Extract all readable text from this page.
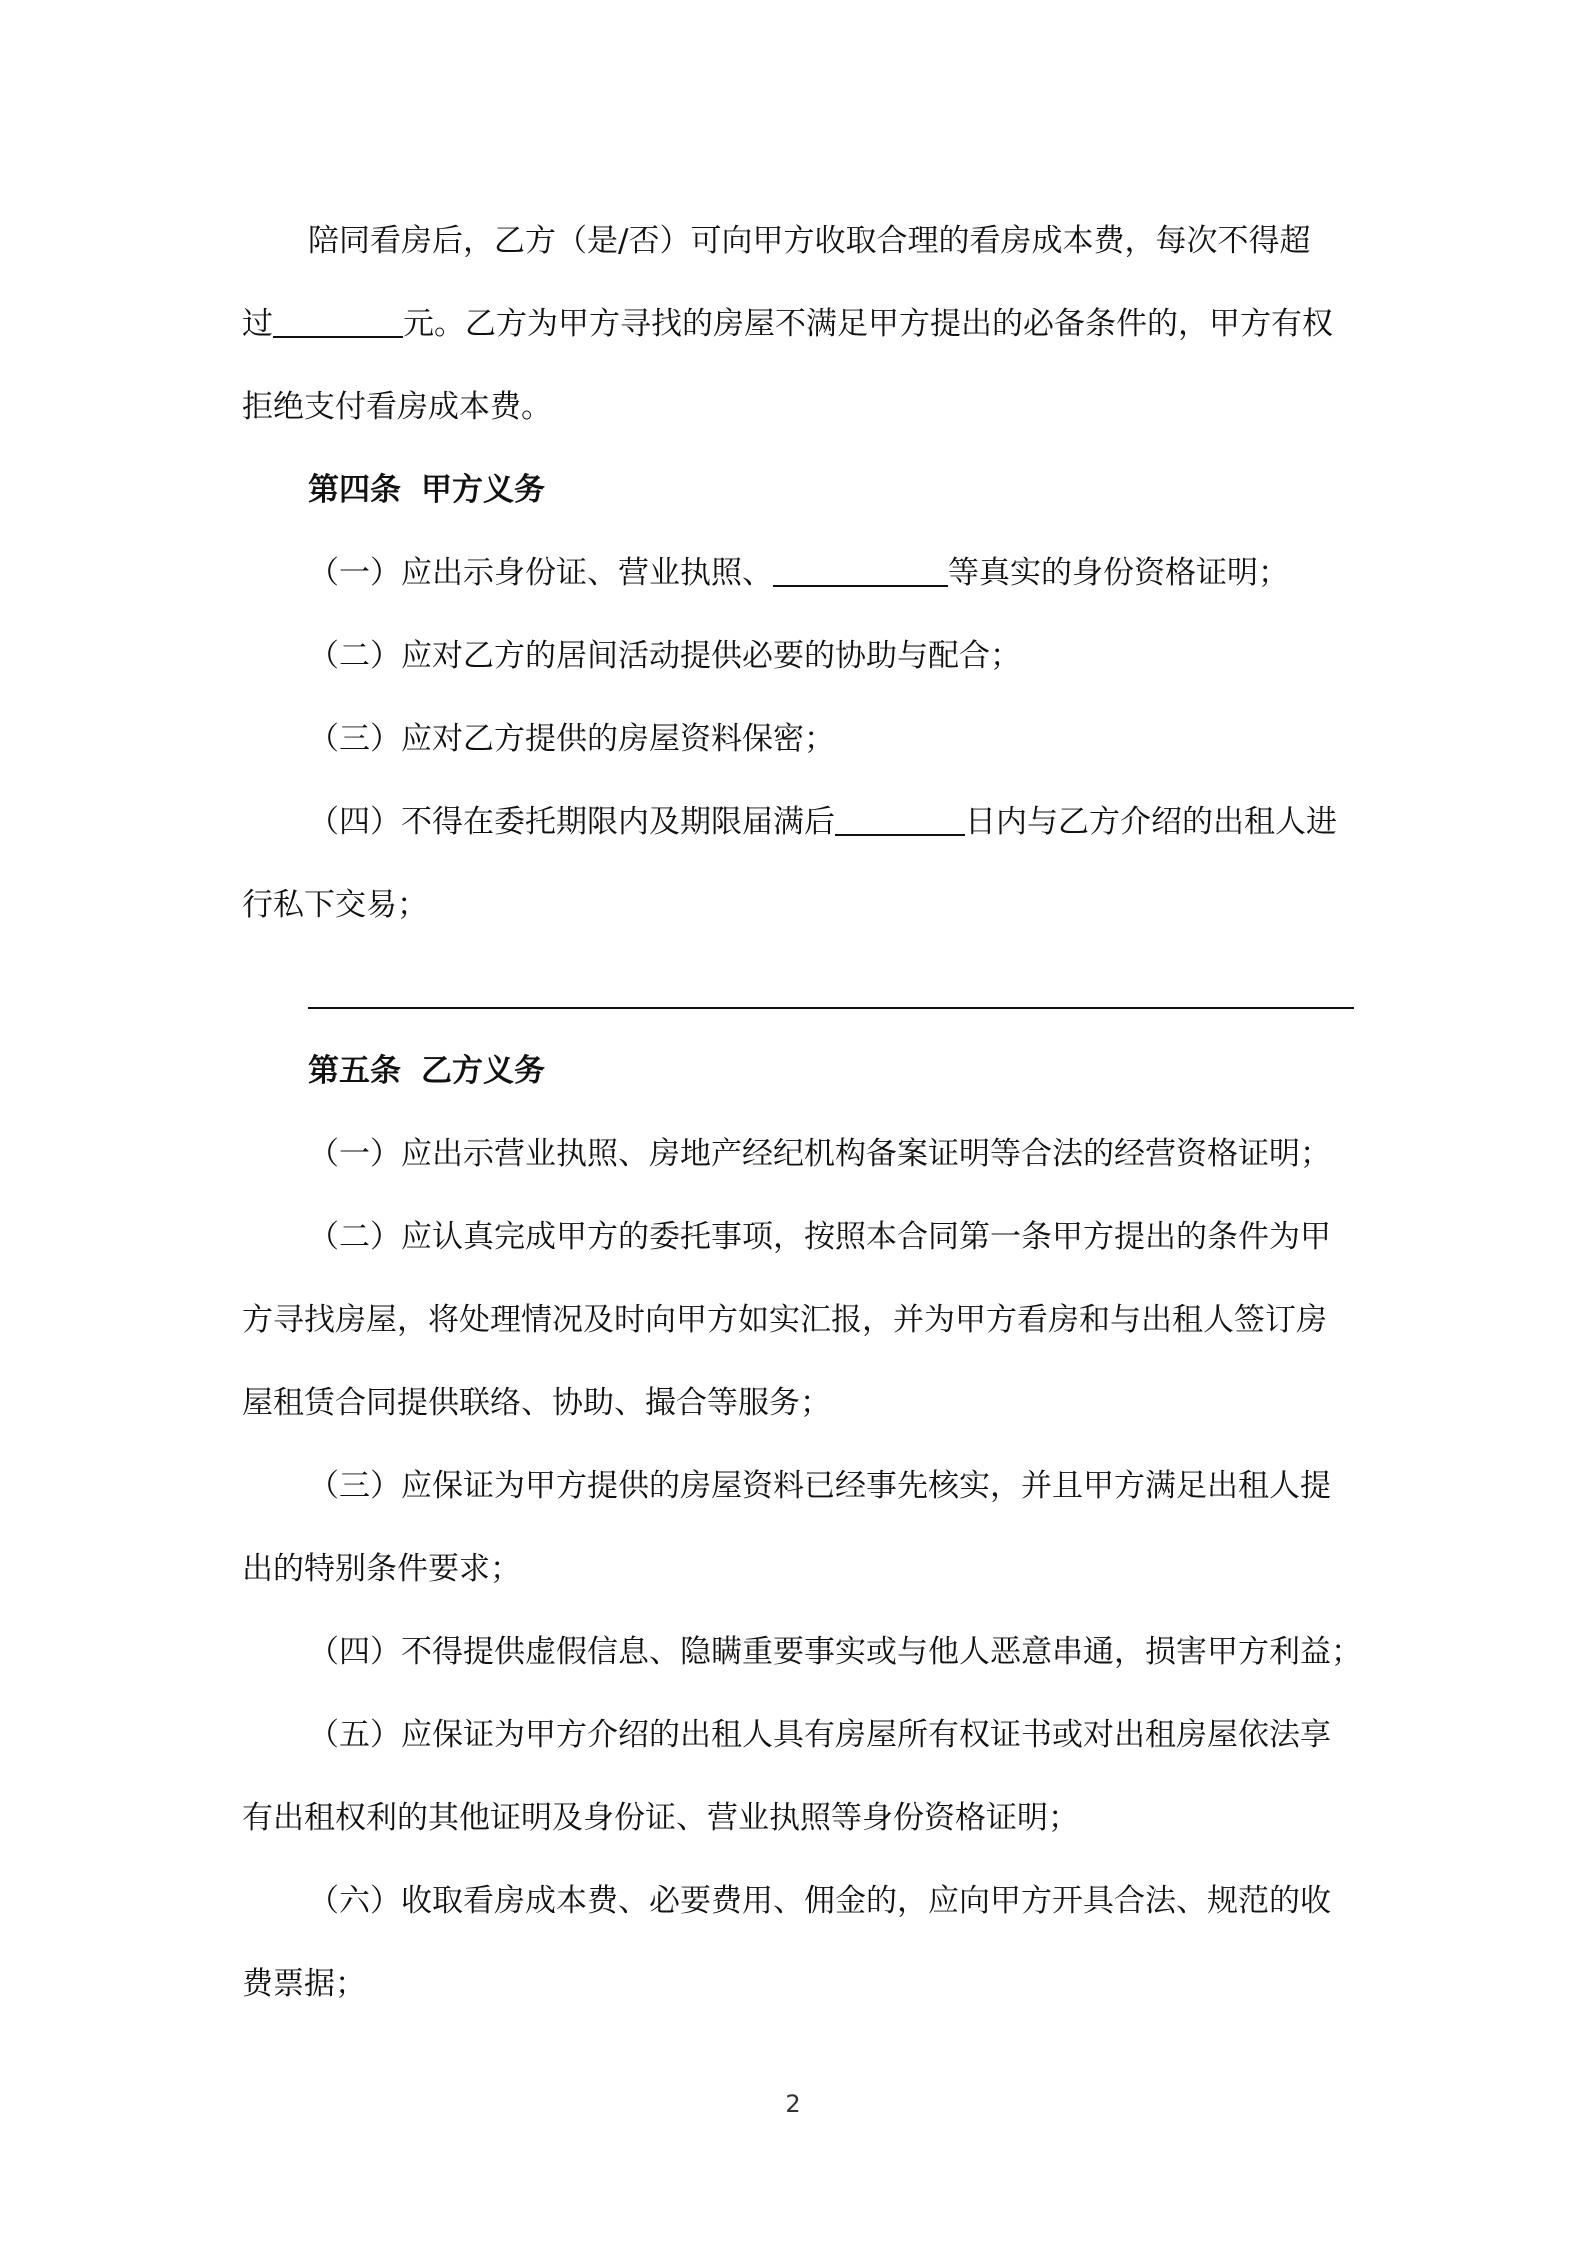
陪同看房后，乙方（是/否）可向甲方收取合理的看房成本费，每次不得超

过	元。乙方为甲方寻找的房屋不满足甲方提出的必备条件的，甲方有权

拒绝支付看房成本费。

第四条 甲方义务

（一）应出示身份证、营业执照、	等真实的身份资格证明；

（二）应对乙方的居间活动提供必要的协助与配合；

（三）应对乙方提供的房屋资料保密；

（四）不得在委托期限内及期限届满后	日内与乙方介绍的出租人进

行私下交易；

第五条 乙方义务

（一）应出示营业执照、房地产经纪机构备案证明等合法的经营资格证明；

（二）应认真完成甲方的委托事项，按照本合同第一条甲方提出的条件为甲

方寻找房屋，将处理情况及时向甲方如实汇报，并为甲方看房和与出租人签订房

屋租赁合同提供联络、协助、撮合等服务；

（三）应保证为甲方提供的房屋资料已经事先核实，并且甲方满足出租人提

出的特别条件要求；

（四）不得提供虚假信息、隐瞒重要事实或与他人恶意串通，损害甲方利益；

（五）应保证为甲方介绍的出租人具有房屋所有权证书或对出租房屋依法享

有出租权利的其他证明及身份证、营业执照等身份资格证明；

（六）收取看房成本费、必要费用、佣金的，应向甲方开具合法、规范的收

费票据；

2
